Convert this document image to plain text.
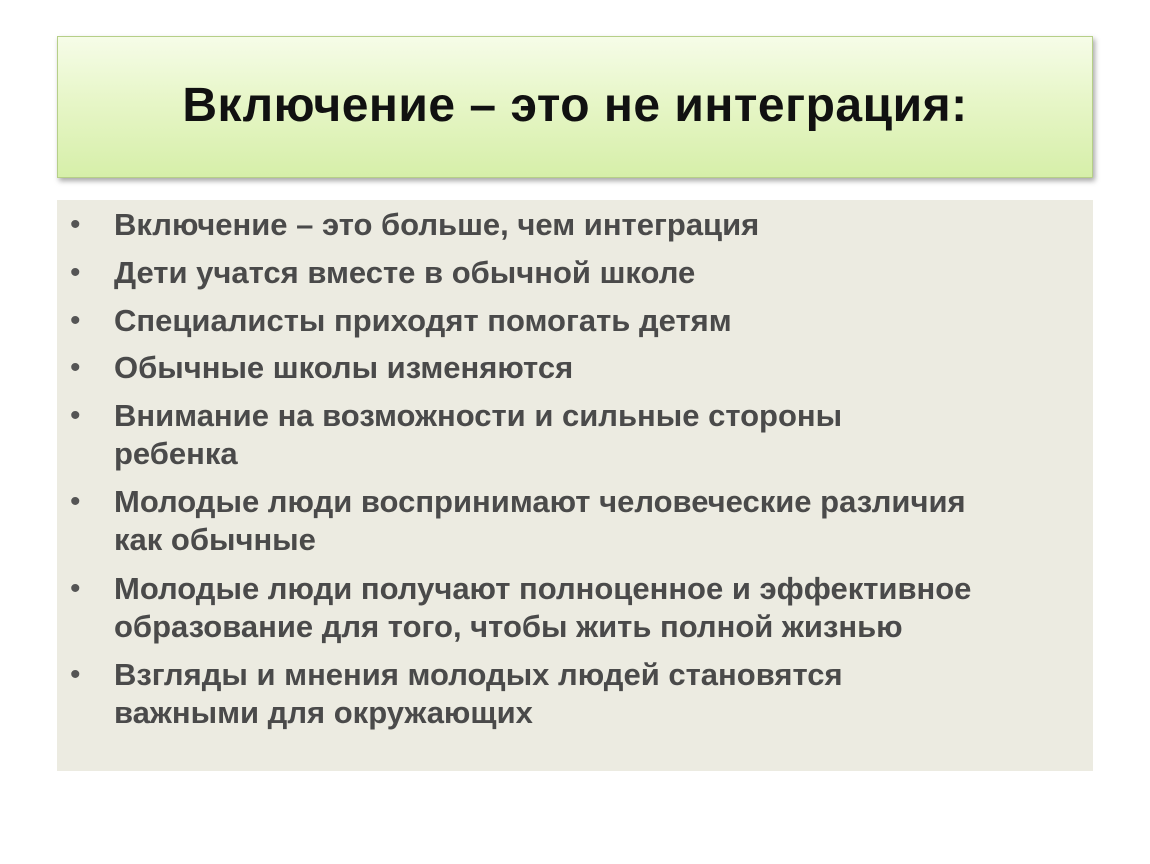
Включение – это не интеграция:
• Включение – это больше, чем интеграция
• Дети учатся вместе в обычной школе
• Специалисты приходят помогать детям
• Обычные школы изменяются
• Внимание на возможности и сильные стороны
ребенка
• Молодые люди воспринимают человеческие различия
как обычные
• Молодые люди получают полноценное и эффективное
образование для того, чтобы жить полной жизнью
• Взгляды и мнения молодых людей становятся
важными для окружающих
